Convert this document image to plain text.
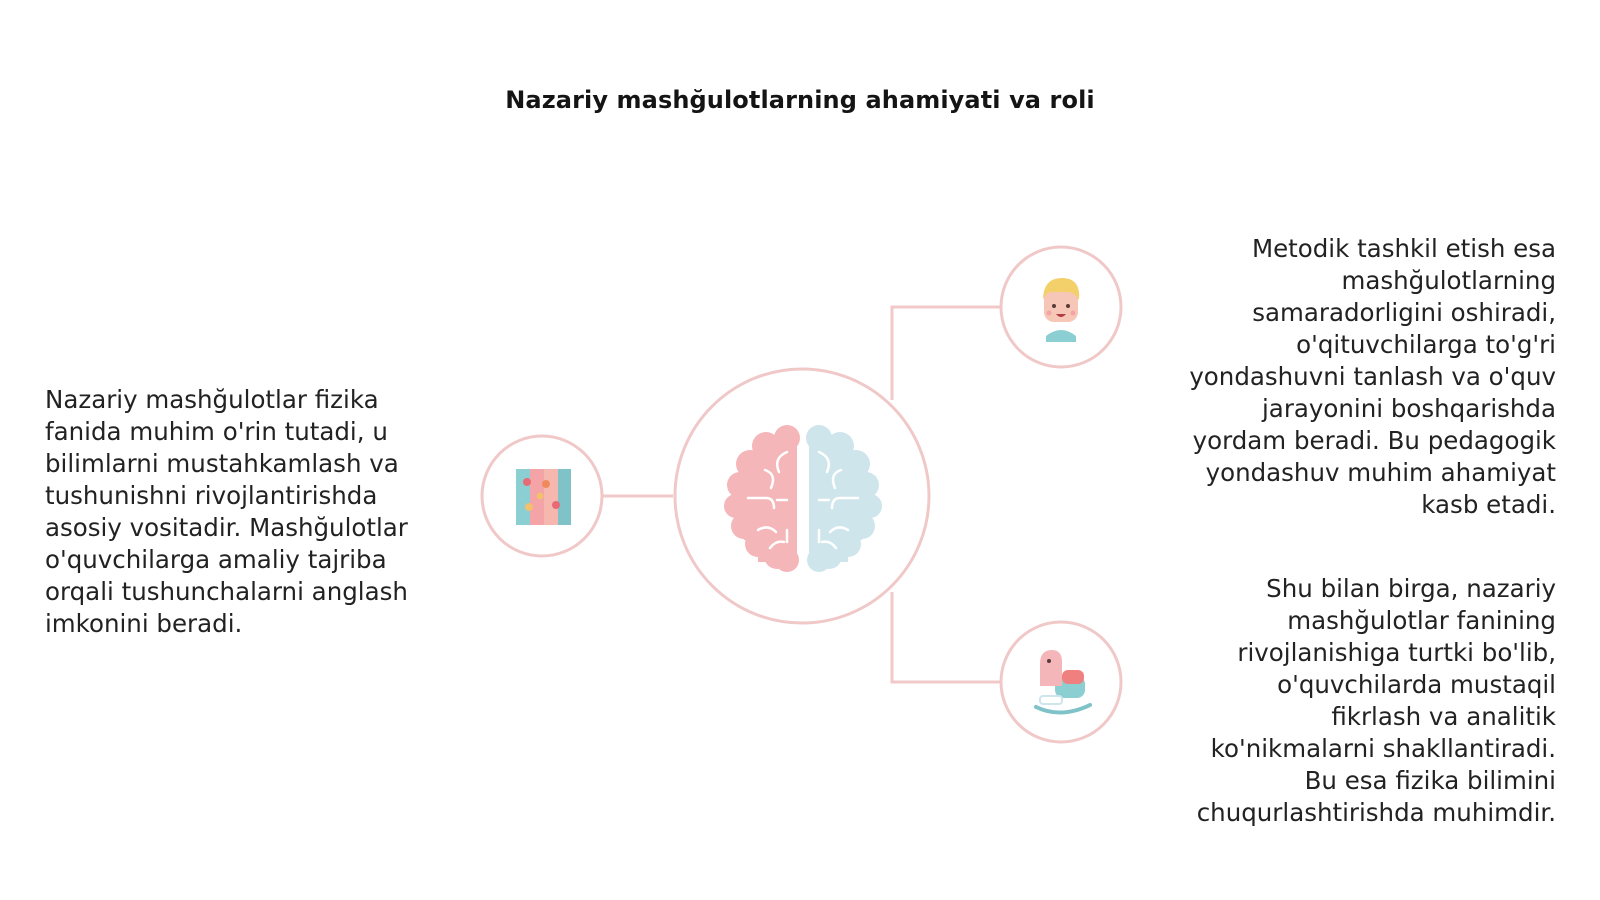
Nazariy mashğulotlarning ahamiyati va roli
Nazariy mashğulotlar fizika
fanida muhim o'rin tutadi, u
bilimlarni mustahkamlash va
tushunishni rivojlantirishda
asosiy vositadir. Mashğulotlar
o'quvchilarga amaliy tajriba
orqali tushunchalarni anglash
imkonini beradi.
Metodik tashkil etish esa
mashğulotlarning
samaradorligini oshiradi,
o'qituvchilarga to'g'ri
yondashuvni tanlash va o'quv
jarayonini boshqarishda
yordam beradi. Bu pedagogik
yondashuv muhim ahamiyat
kasb etadi.
Shu bilan birga, nazariy
mashğulotlar fanining
rivojlanishiga turtki bo'lib,
o'quvchilarda mustaqil
fikrlash va analitik
ko'nikmalarni shakllantiradi.
Bu esa fizika bilimini
chuqurlashtirishda muhimdir.
